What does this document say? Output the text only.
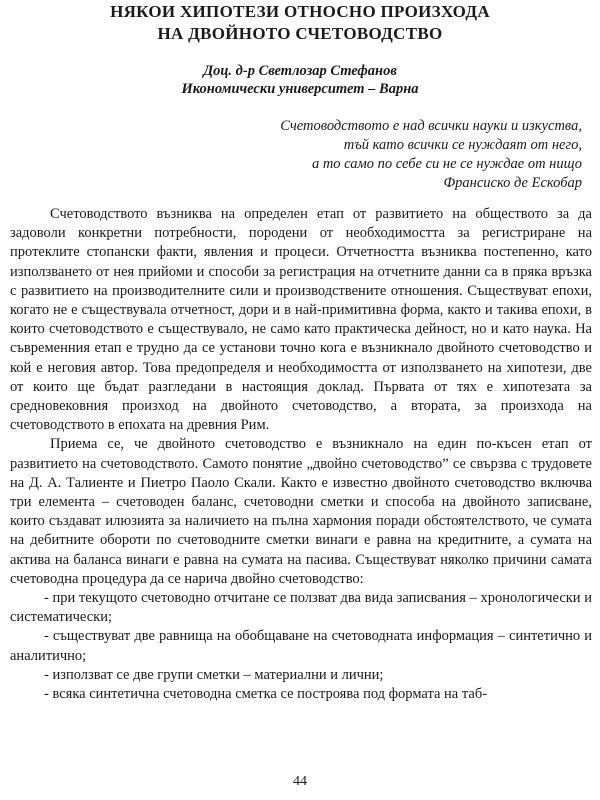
НЯКОИ ХИПОТЕЗИ ОТНОСНО ПРОИЗХОДА
НА ДВОЙНОТО СЧЕТОВОДСТВО
Доц. д-р Светлозар Стефанов
Икономически университет – Варна
Счетоводството е над всички науки и изкуства,
тъй като всички се нуждаят от него,
а то само по себе си не се нуждае от нищо
Франсиско де Ескобар

Счетоводството възниква на определен етап от развитието на обществото за да задоволи конкретни потребности, породени от необходимостта за регистриране на протеклите стопански факти, явления и процеси. Отчетността възниква постепенно, като използването от нея прийоми и способи за регистрация на отчетните данни са в пряка връзка с развитието на производителните сили и производствените отношения. Съществуват епохи, когато не е съществувала отчетност, дори и в най-примитивна форма, както и такива епохи, в които счетоводството е съществувало, не само като практическа дейност, но и като наука. На съвременния етап е трудно да се установи точно кога е възникнало двойното счетоводство и кой е неговия автор. Това предопределя и необходимостта от използването на хипотези, две от които ще бъдат разгледани в настоящия доклад. Първата от тях е хипотезата за средновековния произход на двойното счетоводство, а втората, за произхода на счетоводството в епохата на древния Рим.

Приема се, че двойното счетоводство е възникнало на един по-късен етап от развитието на счетоводството. Самото понятие „двойно счетоводство” се свързва с трудовете на Д. А. Талиенте и Пиетро Паоло Скали. Както е известно двойното счетоводство включва три елемента – счетоводен баланс, счетоводни сметки и способа на двойното записване, които създават илюзията за наличието на пълна хармония поради обстоятелството, че сумата на дебитните обороти по счетоводните сметки винаги е равна на кредитните, а сумата на актива на баланса винаги е равна на сумата на пасива. Съществуват няколко причини самата счетоводна процедура да се нарича двойно счетоводство:

- при текущото счетоводно отчитане се ползват два вида записвания – хронологически и систематически;

- съществуват две равнища на обобщаване на счетоводната информация – синтетично и аналитично;

- използват се две групи сметки – материални и лични;

- всяка синтетична счетоводна сметка се построява под формата на таб-

44
